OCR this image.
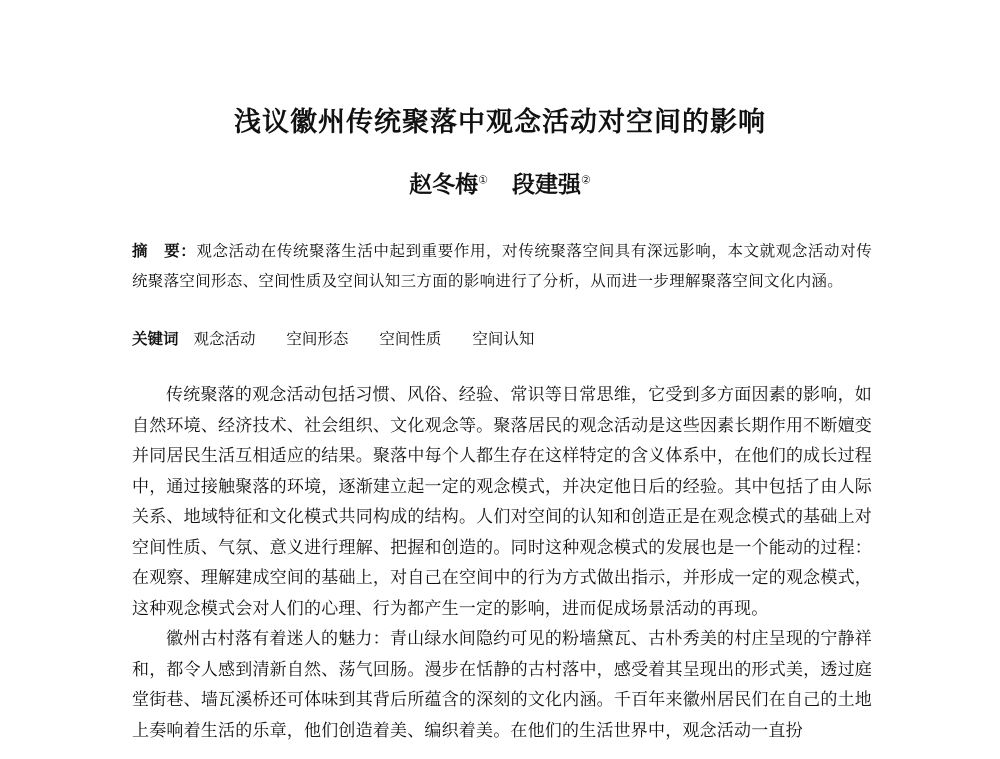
浅议徽州传统聚落中观念活动对空间的影响
赵冬梅① 段建强②
摘　要：观念活动在传统聚落生活中起到重要作用，对传统聚落空间具有深远影响，本文就观念活动对传统聚落空间形态、空间性质及空间认知三方面的影响进行了分析，从而进一步理解聚落空间文化内涵。
关键词 观念活动 空间形态 空间性质 空间认知

传统聚落的观念活动包括习惯、风俗、经验、常识等日常思维，它受到多方面因素的影响，如自然环境、经济技术、社会组织、文化观念等。聚落居民的观念活动是这些因素长期作用不断嬗变并同居民生活互相适应的结果。聚落中每个人都生存在这样特定的含义体系中，在他们的成长过程中，通过接触聚落的环境，逐渐建立起一定的观念模式，并决定他日后的经验。其中包括了由人际关系、地域特征和文化模式共同构成的结构。人们对空间的认知和创造正是在观念模式的基础上对空间性质、气氛、意义进行理解、把握和创造的。同时这种观念模式的发展也是一个能动的过程：在观察、理解建成空间的基础上，对自己在空间中的行为方式做出指示，并形成一定的观念模式，这种观念模式会对人们的心理、行为都产生一定的影响，进而促成场景活动的再现。

徽州古村落有着迷人的魅力：青山绿水间隐约可见的粉墙黛瓦、古朴秀美的村庄呈现的宁静祥和，都令人感到清新自然、荡气回肠。漫步在恬静的古村落中，感受着其呈现出的形式美，透过庭堂街巷、墙瓦溪桥还可体味到其背后所蕴含的深刻的文化内涵。千百年来徽州居民们在自己的土地上奏响着生活的乐章，他们创造着美、编织着美。在他们的生活世界中，观念活动一直扮
